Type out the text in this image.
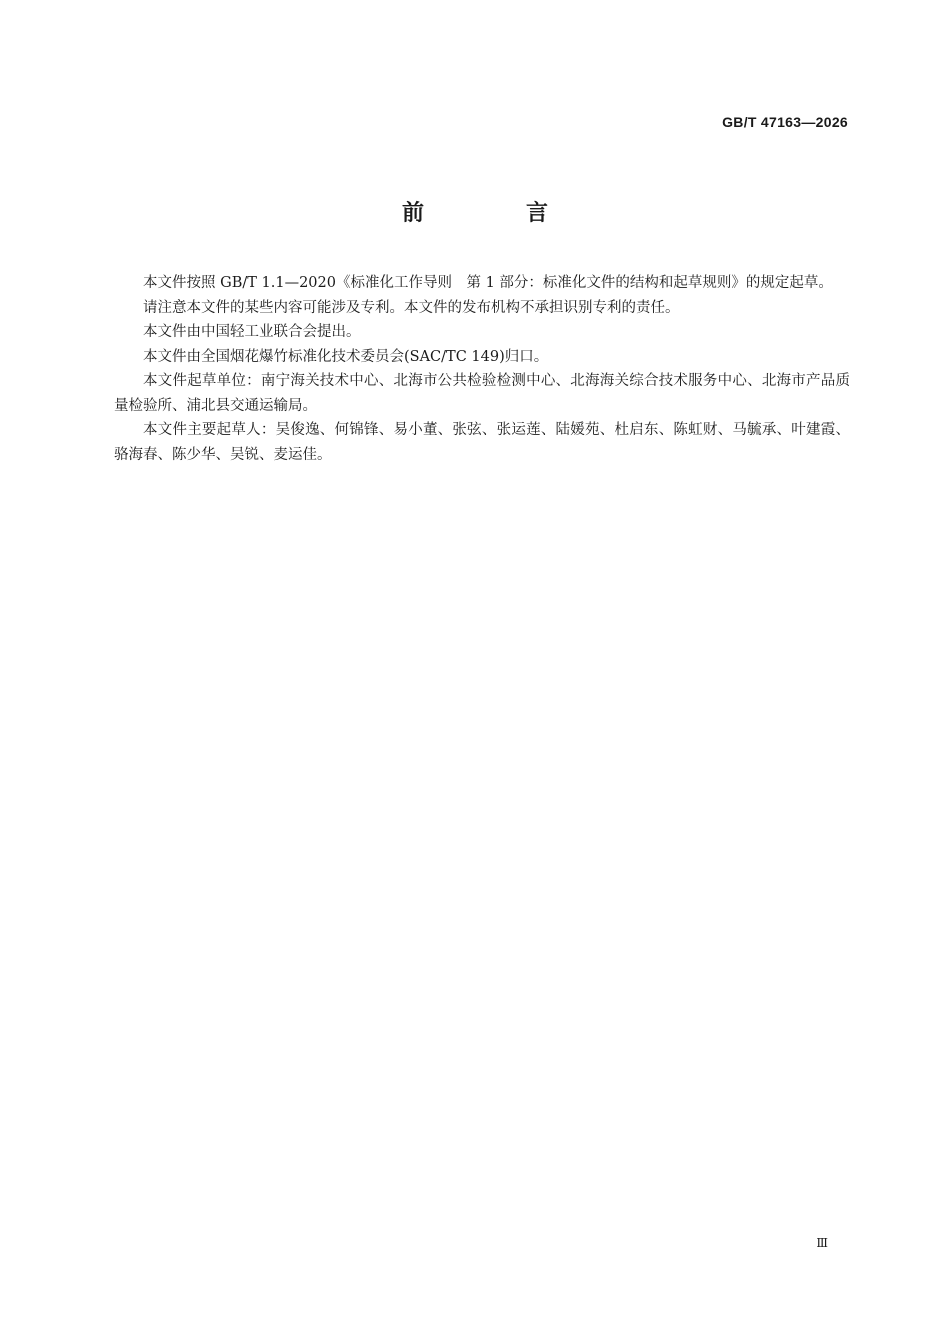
GB/T 47163—2026
前　言

本文件按照 GB/T 1.1—2020《标准化工作导则　第 1 部分：标准化文件的结构和起草规则》的规定起草。

请注意本文件的某些内容可能涉及专利。本文件的发布机构不承担识别专利的责任。

本文件由中国轻工业联合会提出。

本文件由全国烟花爆竹标准化技术委员会(SAC/TC 149)归口。

本文件起草单位：南宁海关技术中心、北海市公共检验检测中心、北海海关综合技术服务中心、北海市产品质量检验所、浦北县交通运输局。

本文件主要起草人：吴俊逸、何锦锋、易小董、张弦、张运莲、陆媛苑、杜启东、陈虹财、马毓承、叶建霞、骆海春、陈少华、吴锐、麦运佳。

Ⅲ
